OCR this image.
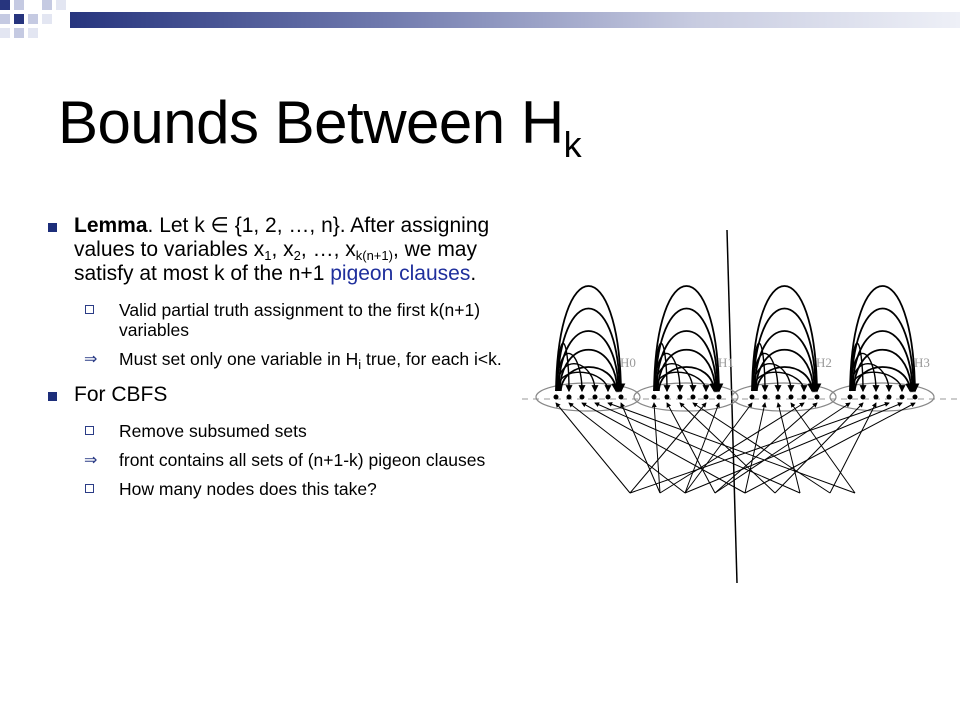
Bounds Between $H_k$
Lemma. Let k ∈ {1, 2, …, n}. After assigning values to variables $x_1$, $x_2$, …, $x_{k(n+1)}$, we may satisfy at most k of the n+1 pigeon clauses.
Valid partial truth assignment to the first k(n+1) variables
⇒ Must set only one variable in $H_i$ true, for each i<k.
For CBFS
Remove subsumed sets
⇒ front contains all sets of (n+1-k) pigeon clauses
How many nodes does this take?
H0	H1	H2	H3
